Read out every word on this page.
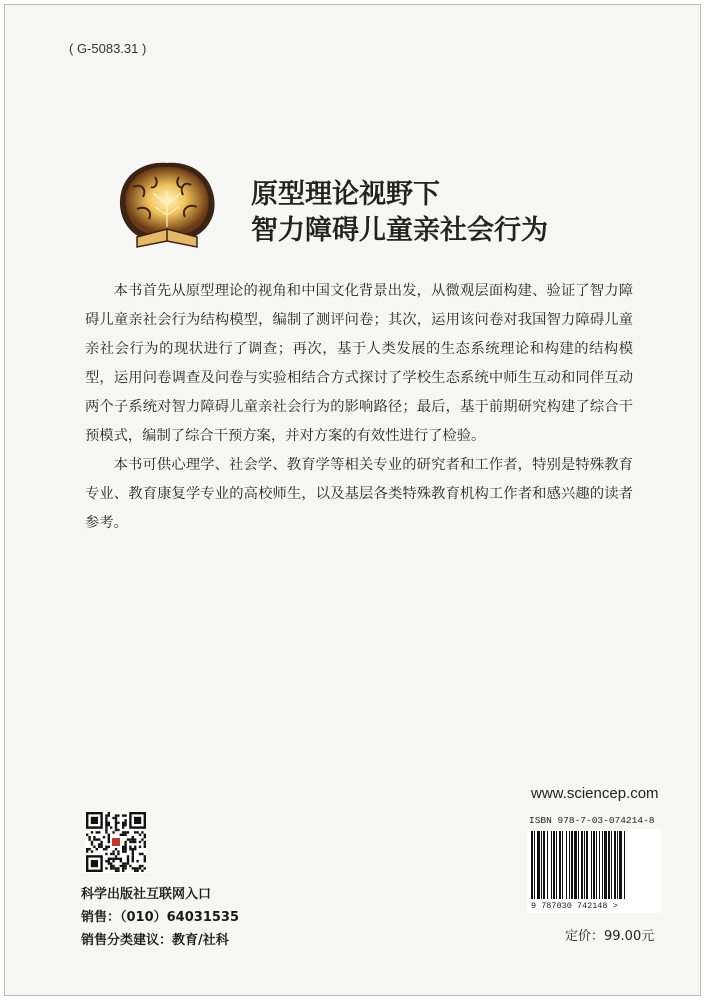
( G-5083.31 )
原型理论视野下
智力障碍儿童亲社会行为

本书首先从原型理论的视角和中国文化背景出发，从微观层面构建、验证了智力障碍儿童亲社会行为结构模型，编制了测评问卷；其次，运用该问卷对我国智力障碍儿童亲社会行为的现状进行了调查；再次，基于人类发展的生态系统理论和构建的结构模型，运用问卷调查及问卷与实验相结合方式探讨了学校生态系统中师生互动和同伴互动两个子系统对智力障碍儿童亲社会行为的影响路径；最后，基于前期研究构建了综合干预模式，编制了综合干预方案，并对方案的有效性进行了检验。

本书可供心理学、社会学、教育学等相关专业的研究者和工作者，特别是特殊教育专业、教育康复学专业的高校师生，以及基层各类特殊教育机构工作者和感兴趣的读者参考。

www.sciencep.com
ISBN 978-7-03-074214-8
9 787030 742148 >
定价：99.00元
科学出版社互联网入口
销售：（010）64031535
销售分类建议：教育/社科
